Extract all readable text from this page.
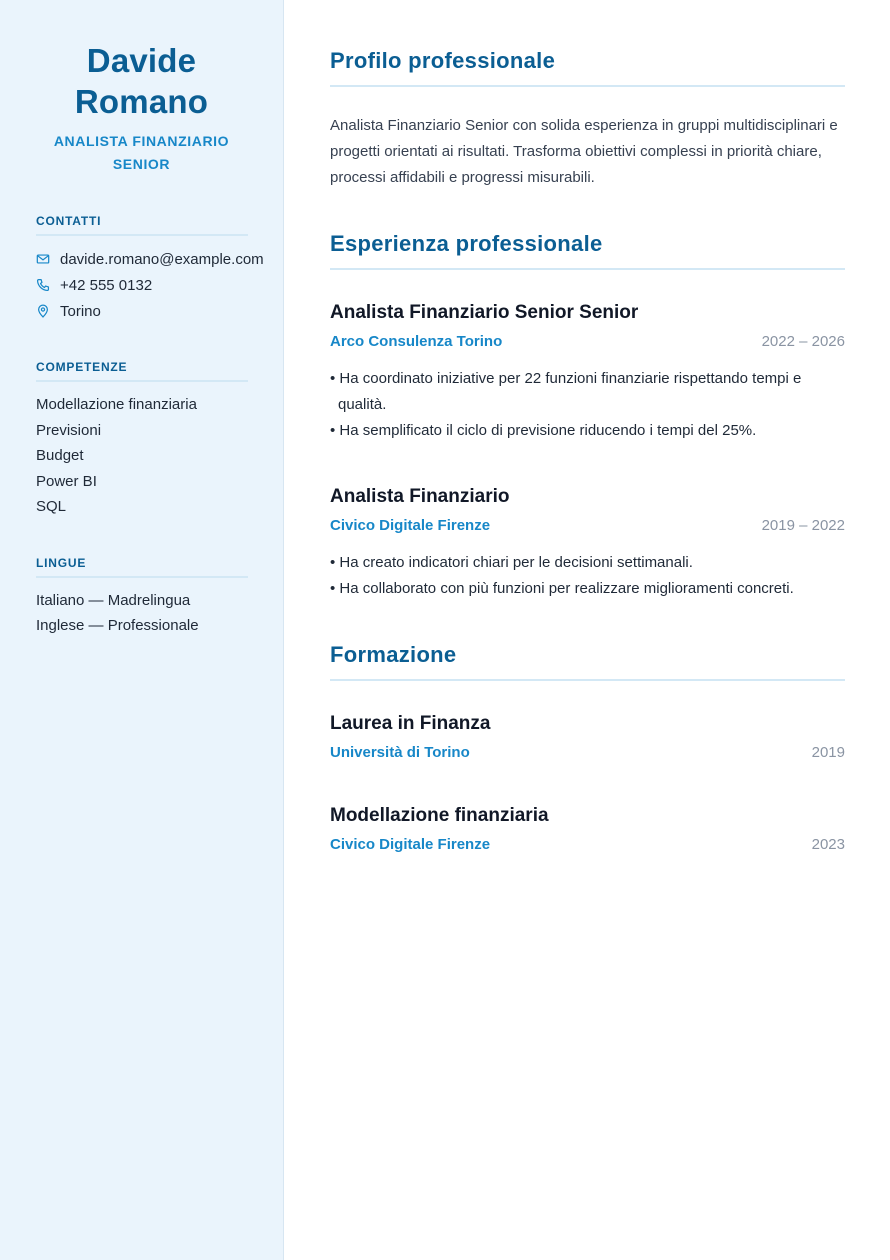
Davide
Romano
ANALISTA FINANZIARIO SENIOR
CONTATTI
davide.romano@example.com
+42 555 0132
Torino
COMPETENZE
Modellazione finanziaria
Previsioni
Budget
Power BI
SQL
LINGUE
Italiano — Madrelingua
Inglese — Professionale
Profilo professionale

Analista Finanziario Senior con solida esperienza in gruppi multidisciplinari e progetti orientati ai risultati. Trasforma obiettivi complessi in priorità chiare, processi affidabili e progressi misurabili.

Esperienza professionale
Analista Finanziario Senior Senior
Arco Consulenza Torino	2022 – 2026
• Ha coordinato iniziative per 22 funzioni finanziarie rispettando tempi e qualità.
• Ha semplificato il ciclo di previsione riducendo i tempi del 25%.
Analista Finanziario
Civico Digitale Firenze	2019 – 2022
• Ha creato indicatori chiari per le decisioni settimanali.
• Ha collaborato con più funzioni per realizzare miglioramenti concreti.
Formazione
Laurea in Finanza
Università di Torino	2019
Modellazione finanziaria
Civico Digitale Firenze	2023
